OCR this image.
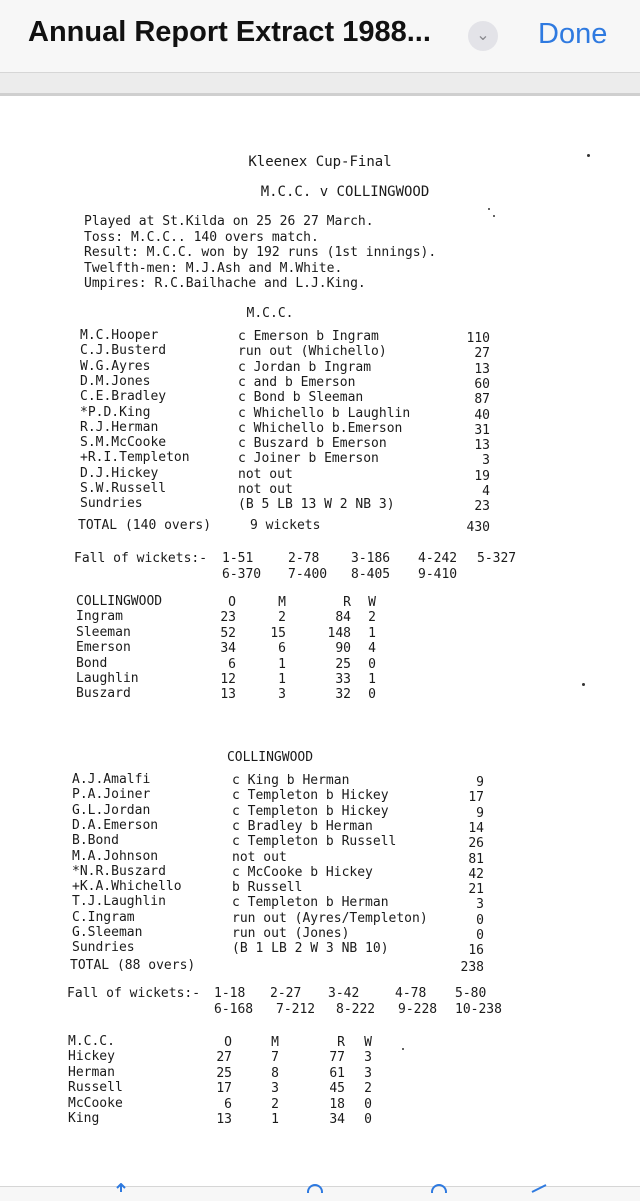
Annual Report Extract 1988...	⌄ Done
Kleenex Cup-Final
M.C.C. v COLLINGWOOD
Played at St.Kilda on 25 26 27 March.
Toss: M.C.C.. 140 overs match.
Result: M.C.C. won by 192 runs (1st innings).
Twelfth-men: M.J.Ash and M.White.
Umpires: R.C.Bailhache and L.J.King.
M.C.C.
M.C.Hooper	c Emerson b Ingram	110
C.J.Busterd	run out (Whichello)	27
W.G.Ayres	c Jordan b Ingram	13
D.M.Jones	c and b Emerson	60
C.E.Bradley	c Bond b Sleeman	87
*P.D.King	c Whichello b Laughlin	40
R.J.Herman	c Whichello b.Emerson	31
S.M.McCooke	c Buszard b Emerson	13
+R.I.Templeton	c Joiner b Emerson	3
D.J.Hickey	not out	19
S.W.Russell	not out	4
Sundries	(B 5 LB 13 W 2 NB 3)	23
TOTAL (140 overs)	9 wickets	430
Fall of wickets:- 1-51	2-78 3-186 4-242 5-327
6-370 7-400 8-405 9-410
COLLINGWOOD	O	M	R	W
Ingram	23	2	84	2
Sleeman	52	15	148	1
Emerson	34	6	90	4
Bond	6	1	25	0
Laughlin	12	1	33	1
Buszard	13	3	32	0
COLLINGWOOD
A.J.Amalfi	c King b Herman	9
P.A.Joiner	c Templeton b Hickey	17
G.L.Jordan	c Templeton b Hickey	9
D.A.Emerson	c Bradley b Herman	14
B.Bond	c Templeton b Russell	26
M.A.Johnson	not out	81
*N.R.Buszard	c McCooke b Hickey	42
+K.A.Whichello	b Russell	21
T.J.Laughlin	c Templeton b Herman	3
C.Ingram	run out (Ayres/Templeton)	0
G.Sleeman	run out (Jones)	0
Sundries	(B 1 LB 2 W 3 NB 10)	16
TOTAL (88 overs)	238
Fall of wickets:- 1-18 2-27 3-42	4-78 5-80
6-168 7-212 8-222 9-228 10-238
M.C.C.	O	M	R	W
Hickey	27	7	77	3
Herman	25	8	61	3
Russell	17	3	45	2
McCooke	6	2	18	0
King	13	1	34	0
